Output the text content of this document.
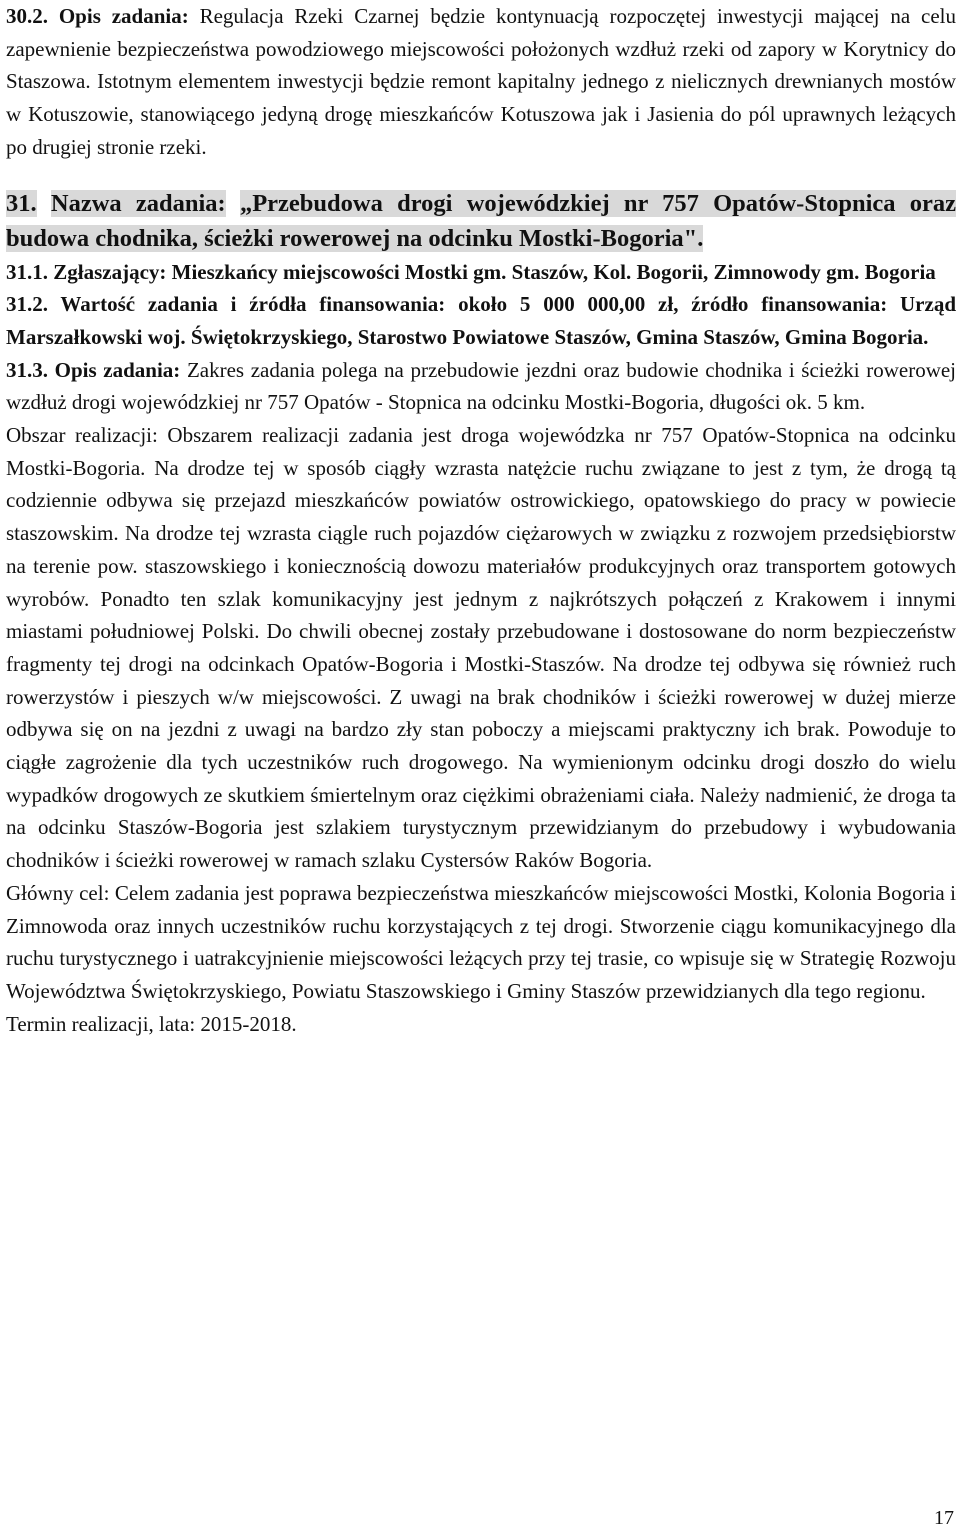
30.2. Opis zadania: Regulacja Rzeki Czarnej będzie kontynuacją rozpoczętej inwestycji mającej na celu zapewnienie bezpieczeństwa powodziowego miejscowości położonych wzdłuż rzeki od zapory w Korytnicy do Staszowa. Istotnym elementem inwestycji będzie remont kapitalny jednego z nielicznych drewnianych mostów w Kotuszowie, stanowiącego jedyną drogę mieszkańców Kotuszowa jak i Jasienia do pól uprawnych leżących po drugiej stronie rzeki.

31. Nazwa zadania: „Przebudowa drogi wojewódzkiej nr 757 Opatów-Stopnica oraz budowa chodnika, ścieżki rowerowej na odcinku Mostki-Bogoria".

31.1. Zgłaszający: Mieszkańcy miejscowości Mostki gm. Staszów, Kol. Bogorii, Zimnowody gm. Bogoria

31.2. Wartość zadania i źródła finansowania: około 5 000 000,00 zł, źródło finansowania: Urząd Marszałkowski woj. Świętokrzyskiego, Starostwo Powiatowe Staszów, Gmina Staszów, Gmina Bogoria.

31.3. Opis zadania: Zakres zadania polega na przebudowie jezdni oraz budowie chodnika i ścieżki rowerowej wzdłuż drogi wojewódzkiej nr 757 Opatów - Stopnica na odcinku Mostki-Bogoria, długości ok. 5 km.

Obszar realizacji: Obszarem realizacji zadania jest droga wojewódzka nr 757 Opatów-Stopnica na odcinku Mostki-Bogoria. Na drodze tej w sposób ciągły wzrasta natężcie ruchu związane to jest z tym, że drogą tą codziennie odbywa się przejazd mieszkańców powiatów ostrowickiego, opatowskiego do pracy w powiecie staszowskim. Na drodze tej wzrasta ciągle ruch pojazdów ciężarowych w związku z rozwojem przedsiębiorstw na terenie pow. staszowskiego i koniecznością dowozu materiałów produkcyjnych oraz transportem gotowych wyrobów. Ponadto ten szlak komunikacyjny jest jednym z najkrótszych połączeń z Krakowem i innymi miastami południowej Polski. Do chwili obecnej zostały przebudowane i dostosowane do norm bezpieczeństw fragmenty tej drogi na odcinkach Opatów-Bogoria i Mostki-Staszów. Na drodze tej odbywa się również ruch rowerzystów i pieszych w/w miejscowości. Z uwagi na brak chodników i ścieżki rowerowej w dużej mierze odbywa się on na jezdni z uwagi na bardzo zły stan poboczy a miejscami praktyczny ich brak. Powoduje to ciągłe zagrożenie dla tych uczestników ruch drogowego. Na wymienionym odcinku drogi doszło do wielu wypadków drogowych ze skutkiem śmiertelnym oraz ciężkimi obrażeniami ciała. Należy nadmienić, że droga ta na odcinku Staszów-Bogoria jest szlakiem turystycznym przewidzianym do przebudowy i wybudowania chodników i ścieżki rowerowej w ramach szlaku Cystersów Raków Bogoria.

Główny cel: Celem zadania jest poprawa bezpieczeństwa mieszkańców miejscowości Mostki, Kolonia Bogoria i Zimnowoda oraz innych uczestników ruchu korzystających z tej drogi. Stworzenie ciągu komunikacyjnego dla ruchu turystycznego i uatrakcyjnienie miejscowości leżących przy tej trasie, co wpisuje się w Strategię Rozwoju Województwa Świętokrzyskiego, Powiatu Staszowskiego i Gminy Staszów przewidzianych dla tego regionu.

Termin realizacji, lata: 2015-2018.

17
